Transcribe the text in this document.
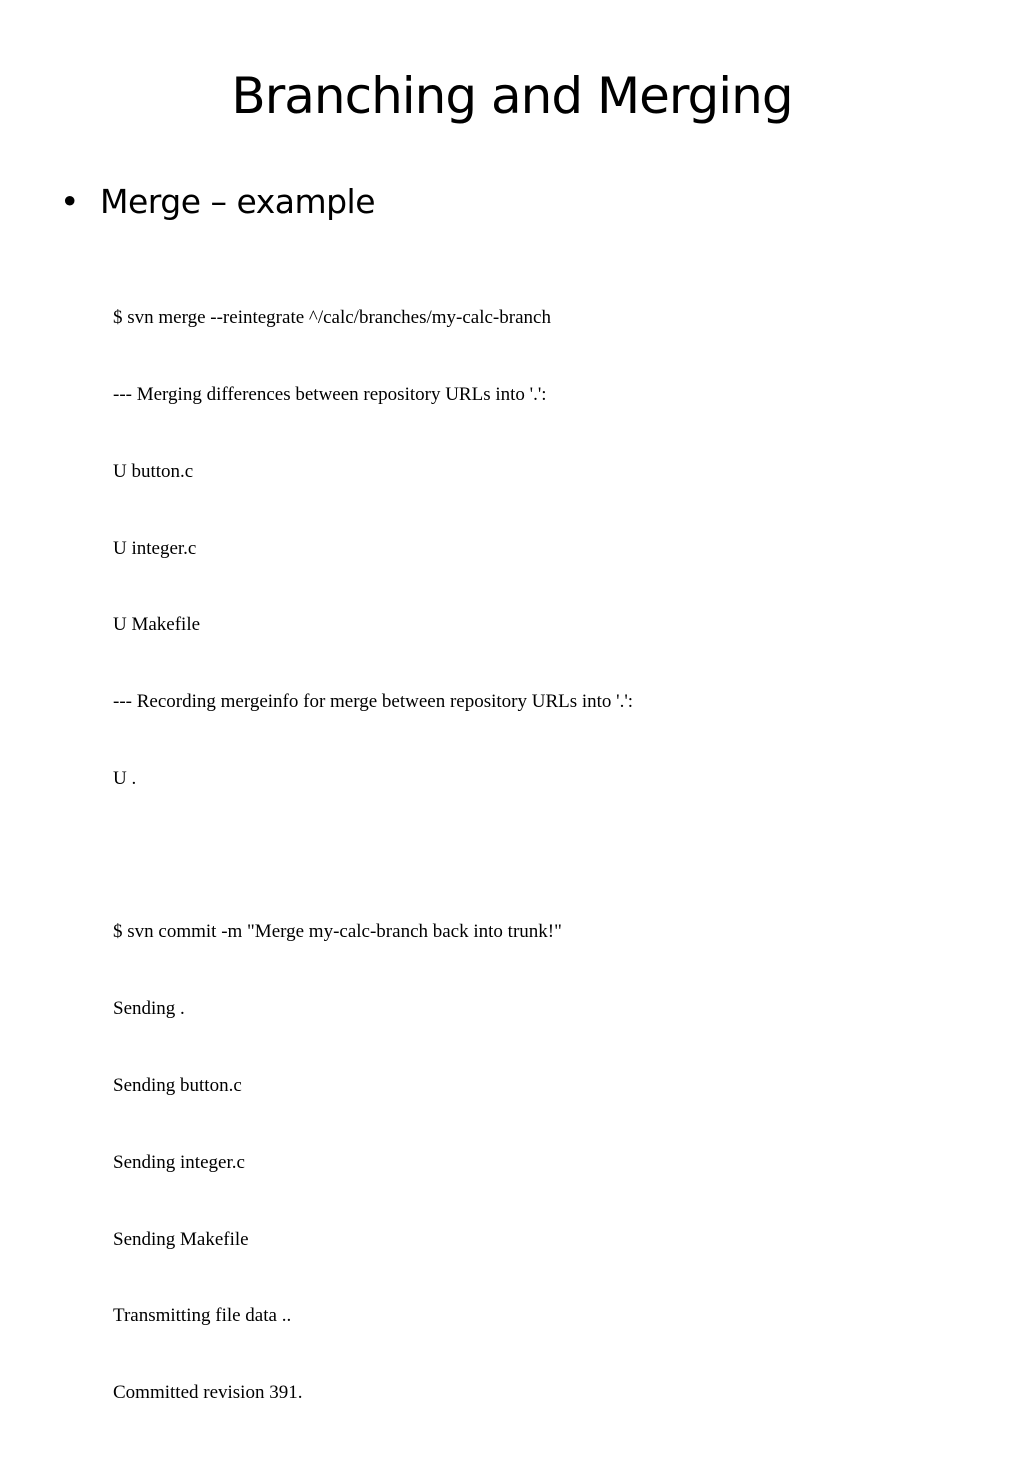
Branching and Merging
• Merge – example

$ svn merge --reintegrate ^/calc/branches/my-calc-branch

--- Merging differences between repository URLs into '.':

U button.c

U integer.c

U Makefile

--- Recording mergeinfo for merge between repository URLs into '.':

U .

$ svn commit -m "Merge my-calc-branch back into trunk!"

Sending .

Sending button.c

Sending integer.c

Sending Makefile

Transmitting file data ..

Committed revision 391.
